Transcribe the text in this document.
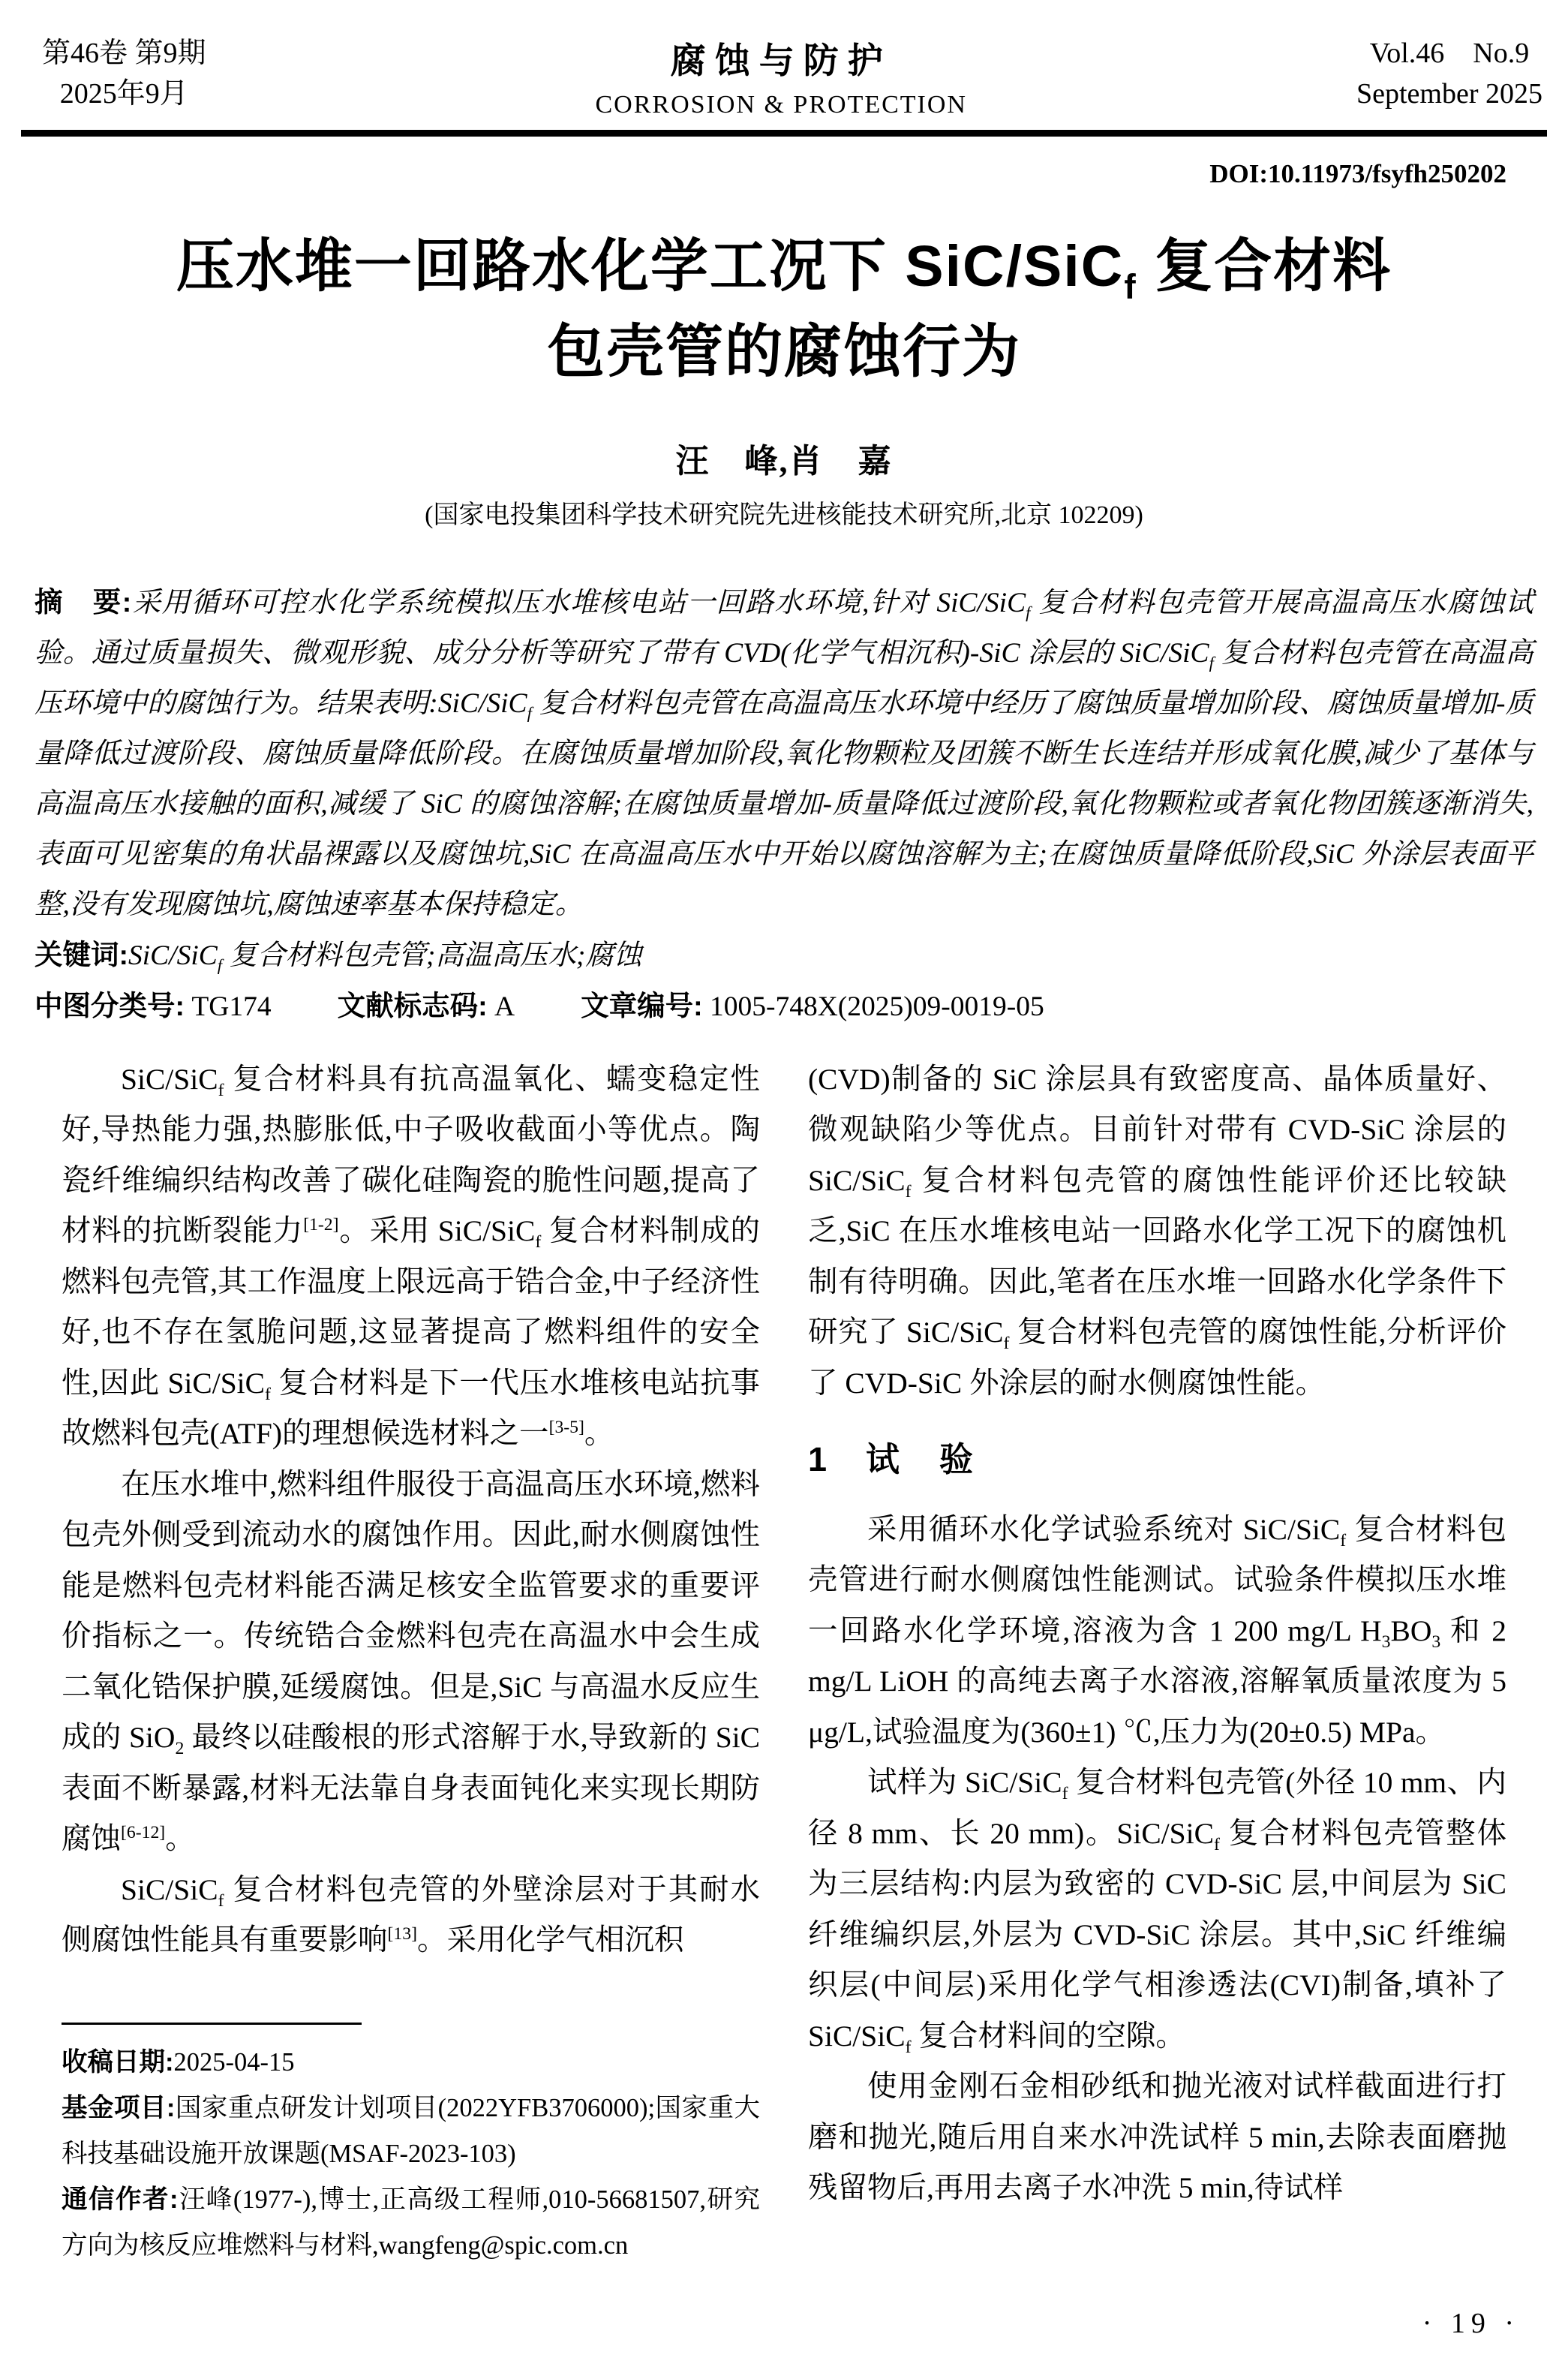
第46卷 第9期
2025年9月
腐蚀与防护
CORROSION & PROTECTION
Vol.46　No.9
September 2025
DOI:10.11973/fsyfh250202
压水堆一回路水化学工况下 SiC/SiC$_f$ 复合材料
包壳管的腐蚀行为
汪　峰,肖　嘉
(国家电投集团科学技术研究院先进核能技术研究所,北京 102209)

摘　要:采用循环可控水化学系统模拟压水堆核电站一回路水环境,针对 SiC/SiC$_f$ 复合材料包壳管开展高温高压水腐蚀试验。通过质量损失、微观形貌、成分分析等研究了带有 CVD(化学气相沉积)-SiC 涂层的 SiC/SiC$_f$ 复合材料包壳管在高温高压环境中的腐蚀行为。结果表明:SiC/SiC$_f$ 复合材料包壳管在高温高压水环境中经历了腐蚀质量增加阶段、腐蚀质量增加-质量降低过渡阶段、腐蚀质量降低阶段。在腐蚀质量增加阶段,氧化物颗粒及团簇不断生长连结并形成氧化膜,减少了基体与高温高压水接触的面积,减缓了 SiC 的腐蚀溶解;在腐蚀质量增加-质量降低过渡阶段,氧化物颗粒或者氧化物团簇逐渐消失,表面可见密集的角状晶裸露以及腐蚀坑,SiC 在高温高压水中开始以腐蚀溶解为主;在腐蚀质量降低阶段,SiC 外涂层表面平整,没有发现腐蚀坑,腐蚀速率基本保持稳定。

关键词:SiC/SiC$_f$ 复合材料包壳管;高温高压水;腐蚀

中图分类号: TG174 文献标志码: A 文章编号: 1005-748X(2025)09-0019-05

SiC/SiC$_f$ 复合材料具有抗高温氧化、蠕变稳定性好,导热能力强,热膨胀低,中子吸收截面小等优点。陶瓷纤维编织结构改善了碳化硅陶瓷的脆性问题,提高了材料的抗断裂能力[1-2]。采用 SiC/SiC$_f$ 复合材料制成的燃料包壳管,其工作温度上限远高于锆合金,中子经济性好,也不存在氢脆问题,这显著提高了燃料组件的安全性,因此 SiC/SiC$_f$ 复合材料是下一代压水堆核电站抗事故燃料包壳(ATF)的理想候选材料之一[3-5]。

在压水堆中,燃料组件服役于高温高压水环境,燃料包壳外侧受到流动水的腐蚀作用。因此,耐水侧腐蚀性能是燃料包壳材料能否满足核安全监管要求的重要评价指标之一。传统锆合金燃料包壳在高温水中会生成二氧化锆保护膜,延缓腐蚀。但是,SiC 与高温水反应生成的 SiO$_2$ 最终以硅酸根的形式溶解于水,导致新的 SiC 表面不断暴露,材料无法靠自身表面钝化来实现长期防腐蚀[6-12]。

SiC/SiC$_f$ 复合材料包壳管的外壁涂层对于其耐水侧腐蚀性能具有重要影响[13]。采用化学气相沉积

收稿日期:2025-04-15

基金项目:国家重点研发计划项目(2022YFB3706000);国家重大科技基础设施开放课题(MSAF-2023-103)

通信作者:汪峰(1977-),博士,正高级工程师,010-56681507,研究方向为核反应堆燃料与材料,wangfeng@spic.com.cn

(CVD)制备的 SiC 涂层具有致密度高、晶体质量好、微观缺陷少等优点。目前针对带有 CVD-SiC 涂层的 SiC/SiC$_f$ 复合材料包壳管的腐蚀性能评价还比较缺乏,SiC 在压水堆核电站一回路水化学工况下的腐蚀机制有待明确。因此,笔者在压水堆一回路水化学条件下研究了 SiC/SiC$_f$ 复合材料包壳管的腐蚀性能,分析评价了 CVD-SiC 外涂层的耐水侧腐蚀性能。

1 试　验

采用循环水化学试验系统对 SiC/SiC$_f$ 复合材料包壳管进行耐水侧腐蚀性能测试。试验条件模拟压水堆一回路水化学环境,溶液为含 1 200 mg/L $H_3BO_3$ 和 2 mg/L LiOH 的高纯去离子水溶液,溶解氧质量浓度为 5 μg/L,试验温度为(360±1) ℃,压力为(20±0.5) MPa。

试样为 SiC/SiC$_f$ 复合材料包壳管(外径 10 mm、内径 8 mm、长 20 mm)。SiC/SiC$_f$ 复合材料包壳管整体为三层结构:内层为致密的 CVD-SiC 层,中间层为 SiC 纤维编织层,外层为 CVD-SiC 涂层。其中,SiC 纤维编织层(中间层)采用化学气相渗透法(CVI)制备,填补了 SiC/SiC$_f$ 复合材料间的空隙。

使用金刚石金相砂纸和抛光液对试样截面进行打磨和抛光,随后用自来水冲洗试样 5 min,去除表面磨抛残留物后,再用去离子水冲洗 5 min,待试样

· 19 ·
